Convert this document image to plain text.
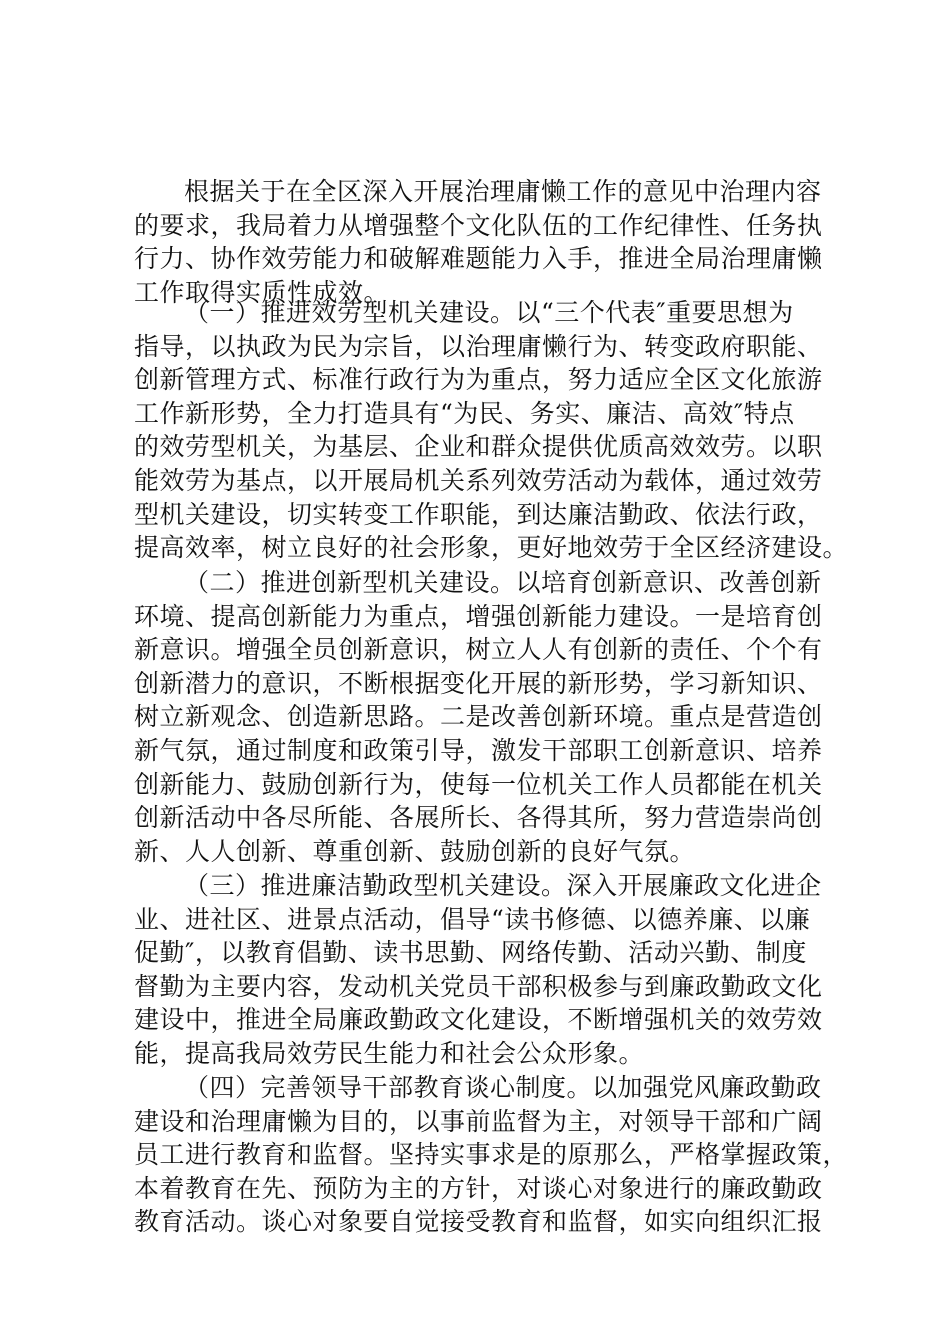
根据关于在全区深入开展治理庸懒工作的意见中治理内容
的要求，我局着力从增强整个文化队伍的工作纪律性、任务执
行力、协作效劳能力和破解难题能力入手，推进全局治理庸懒
工作取得实质性成效。
（一）推进效劳型机关建设。以“三个代表″重要思想为
指导，以执政为民为宗旨，以治理庸懒行为、转变政府职能、
创新管理方式、标准行政行为为重点，努力适应全区文化旅游
工作新形势，全力打造具有“为民、务实、廉洁、高效″特点
的效劳型机关，为基层、企业和群众提供优质高效效劳。以职
能效劳为基点，以开展局机关系列效劳活动为载体，通过效劳
型机关建设，切实转变工作职能，到达廉洁勤政、依法行政，
提高效率，树立良好的社会形象，更好地效劳于全区经济建设。
（二）推进创新型机关建设。以培育创新意识、改善创新
环境、提高创新能力为重点，增强创新能力建设。一是培育创
新意识。增强全员创新意识，树立人人有创新的责任、个个有
创新潜力的意识，不断根据变化开展的新形势，学习新知识、
树立新观念、创造新思路。二是改善创新环境。重点是营造创
新气氛，通过制度和政策引导，激发干部职工创新意识、培养
创新能力、鼓励创新行为，使每一位机关工作人员都能在机关
创新活动中各尽所能、各展所长、各得其所，努力营造崇尚创
新、人人创新、尊重创新、鼓励创新的良好气氛。
（三）推进廉洁勤政型机关建设。深入开展廉政文化进企
业、进社区、进景点活动，倡导“读书修德、以德养廉、以廉
促勤″，以教育倡勤、读书思勤、网络传勤、活动兴勤、制度
督勤为主要内容，发动机关党员干部积极参与到廉政勤政文化
建设中，推进全局廉政勤政文化建设，不断增强机关的效劳效
能，提高我局效劳民生能力和社会公众形象。
（四）完善领导干部教育谈心制度。以加强党风廉政勤政
建设和治理庸懒为目的，以事前监督为主，对领导干部和广阔
员工进行教育和监督。坚持实事求是的原那么，严格掌握政策，
本着教育在先、预防为主的方针，对谈心对象进行的廉政勤政
教育活动。谈心对象要自觉接受教育和监督，如实向组织汇报
